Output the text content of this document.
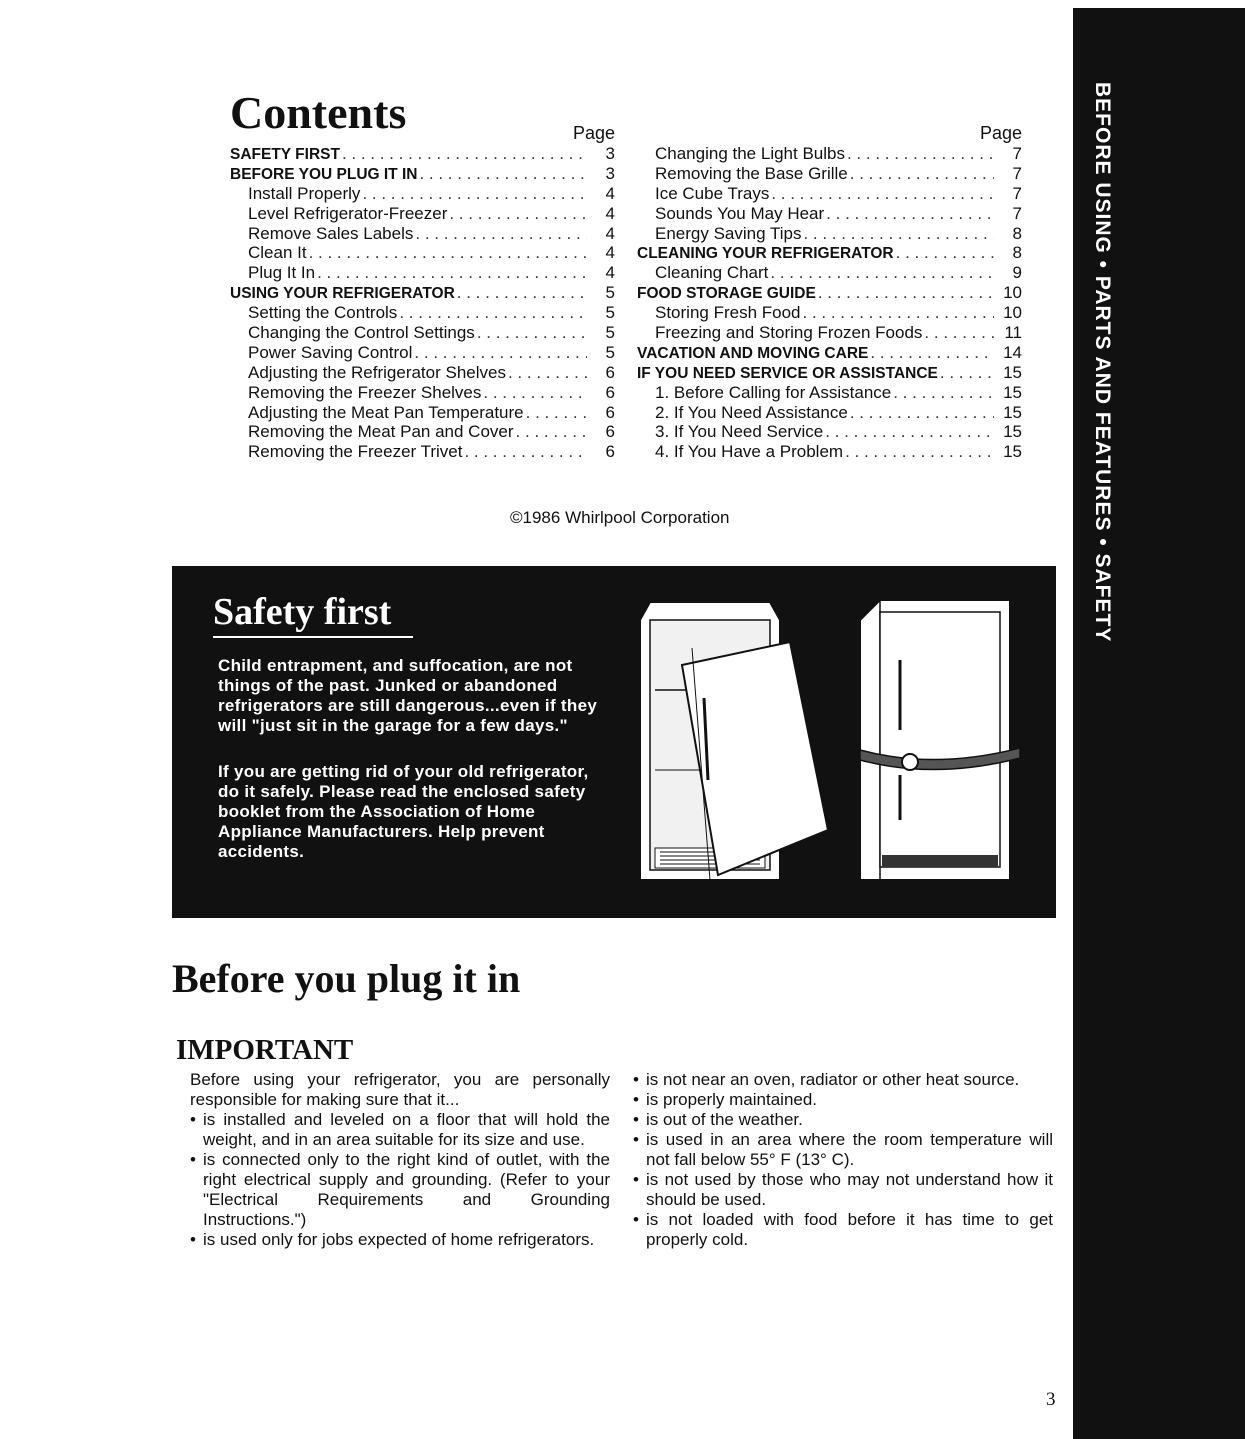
BEFORE USING • PARTS AND FEATURES • SAFETY
Contents	Page
SAFETY FIRST . . .	3
BEFORE YOU PLUG IT IN . . .	3
Install Properly . . .	4
Level Refrigerator-Freezer . . .	4
Remove Sales Labels . . .	4
Clean It . . .	4
Plug It In . . .	4
USING YOUR REFRIGERATOR . . .	5
Setting the Controls . . .	5
Changing the Control Settings . . .	5
Power Saving Control . . .	5
Adjusting the Refrigerator Shelves . . .	6
Removing the Freezer Shelves . . .	6
Adjusting the Meat Pan Temperature . . .	6
Removing the Meat Pan and Cover . . .	6
Removing the Freezer Trivet . . .	6
Page
Changing the Light Bulbs . . .	7
Removing the Base Grille . . .	7
Ice Cube Trays . . .	7
Sounds You May Hear . . .	7
Energy Saving Tips . . .	8
CLEANING YOUR REFRIGERATOR . . .	8
Cleaning Chart . . .	9
FOOD STORAGE GUIDE . . .	10
Storing Fresh Food . . .	10
Freezing and Storing Frozen Foods . . .	11
VACATION AND MOVING CARE . . .	14
IF YOU NEED SERVICE OR ASSISTANCE . . .	15
1. Before Calling for Assistance . . .	15
2. If You Need Assistance . . .	15
3. If You Need Service . . .	15
4. If You Have a Problem . . .	15
©1986 Whirlpool Corporation
Safety first

Child entrapment, and suffocation, are not things of the past. Junked or abandoned refrigerators are still dangerous...even if they will "just sit in the garage for a few days."

If you are getting rid of your old refrigerator, do it safely. Please read the enclosed safety booklet from the Association of Home Appliance Manufacturers. Help prevent accidents.

Before you plug it in
IMPORTANT

Before using your refrigerator, you are personally responsible for making sure that it...

• is installed and leveled on a floor that will hold the weight, and in an area suitable for its size and use.
• is connected only to the right kind of outlet, with the right electrical supply and grounding. (Refer to your "Electrical Requirements and Grounding Instructions.")
• is used only for jobs expected of home refrigerators.
• is not near an oven, radiator or other heat source.
• is properly maintained.
• is out of the weather.
• is used in an area where the room temperature will not fall below 55° F (13° C).
• is not used by those who may not understand how it should be used.
• is not loaded with food before it has time to get properly cold.
3
